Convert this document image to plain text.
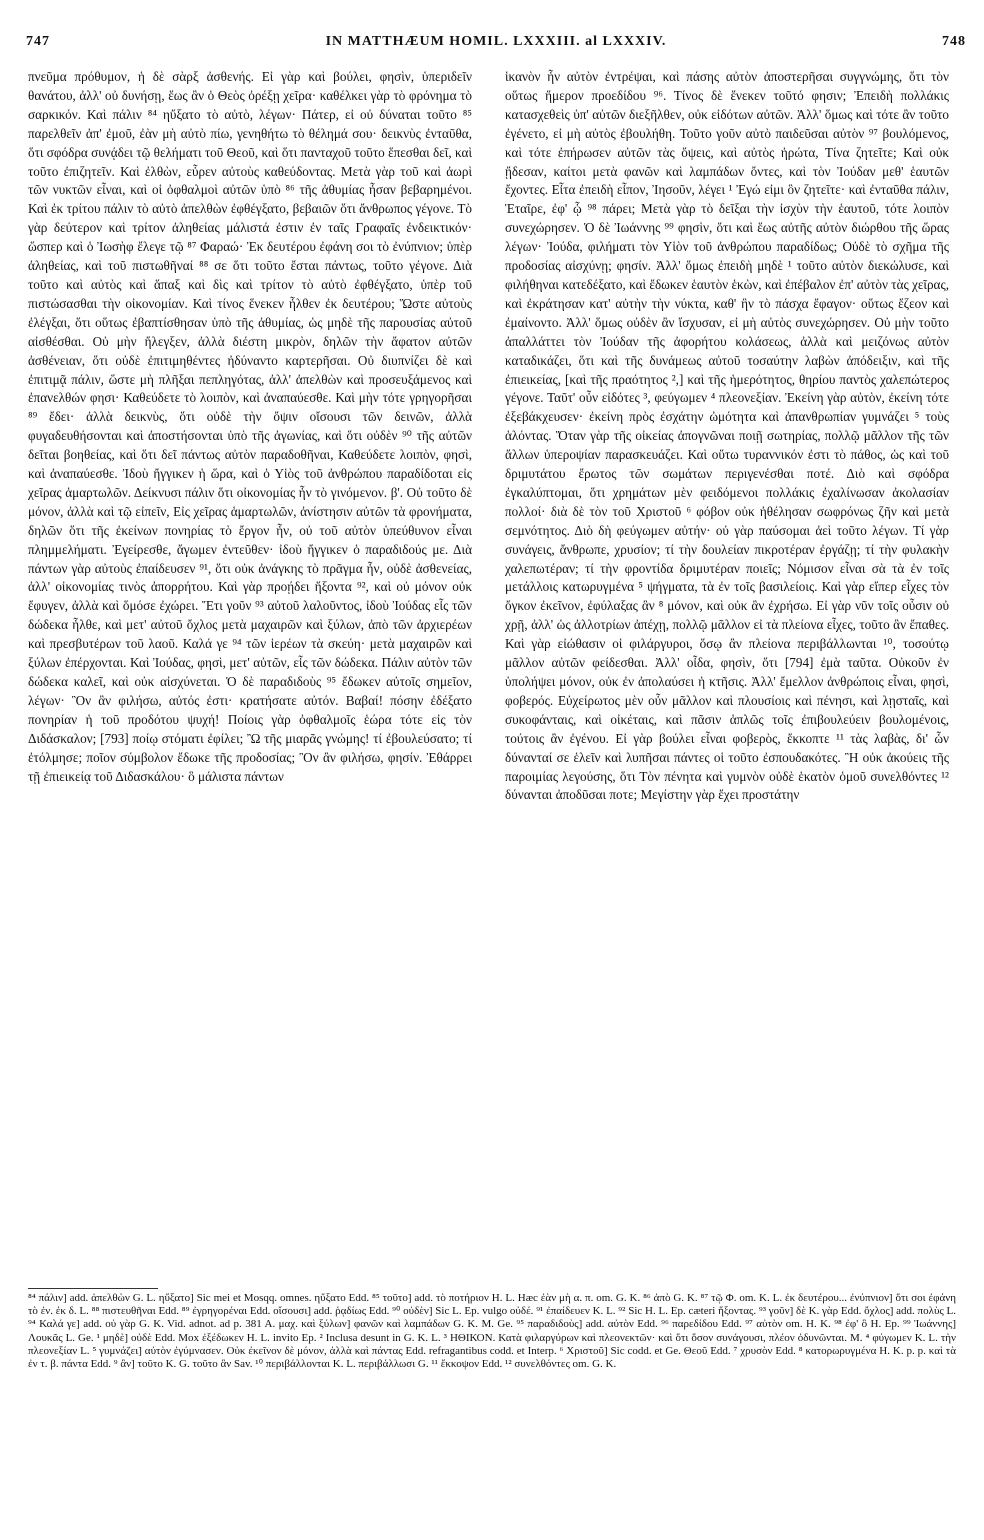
747	IN MATTHÆUM HOMIL. LXXXIII. al LXXXIV.	748

πνεῦμα πρόθυμον, ἡ δὲ σὰρξ ἀσθενής. Εἰ γὰρ καὶ βούλει, φησὶν, ὑπεριδεῖν θανάτου, ἀλλ' οὐ δυνήσῃ, ἕως ἂν ὁ Θεὸς ὀρέξῃ χεῖρα· καθέλκει γὰρ τὸ φρόνημα τὸ σαρκικόν. Καὶ πάλιν ⁸⁴ ηὔξατο τὸ αὐτὸ, λέγων· Πάτερ, εἰ οὐ δύναται τοῦτο ⁸⁵ παρελθεῖν ἀπ' ἐμοῦ, ἐὰν μὴ αὐτὸ πίω, γενηθήτω τὸ θέλημά σου· δεικνὺς ἐνταῦθα, ὅτι σφόδρα συνᾴδει τῷ θελήματι τοῦ Θεοῦ, καὶ ὅτι πανταχοῦ τοῦτο ἕπεσθαι δεῖ, καὶ τοῦτο ἐπιζητεῖν. Καὶ ἐλθὼν, εὗρεν αὐτοὺς καθεύδοντας. Μετὰ γὰρ τοῦ καὶ ἀωρὶ τῶν νυκτῶν εἶναι, καὶ οἱ ὀφθαλμοὶ αὐτῶν ὑπὸ ⁸⁶ τῆς ἀθυμίας ἦσαν βεβαρημένοι. Καὶ ἐκ τρίτου πάλιν τὸ αὐτὸ ἀπελθὼν ἐφθέγξατο, βεβαιῶν ὅτι ἄνθρωπος γέγονε. Τὸ γὰρ δεύτερον καὶ τρίτον ἀληθείας μάλιστά ἐστιν ἐν ταῖς Γραφαῖς ἐνδεικτικόν· ὥσπερ καὶ ὁ Ἰωσὴφ ἔλεγε τῷ ⁸⁷ Φαραώ· Ἐκ δευτέρου ἐφάνη σοι τὸ ἐνύπνιον; ὑπὲρ ἀληθείας, καὶ τοῦ πιστωθῆναί ⁸⁸ σε ὅτι τοῦτο ἔσται πάντως, τοῦτο γέγονε. Διὰ τοῦτο καὶ αὐτὸς καὶ ἅπαξ καὶ δὶς καὶ τρίτον τὸ αὐτὸ ἐφθέγξατο, ὑπὲρ τοῦ πιστώσασθαι τὴν οἰκονομίαν. Καὶ τίνος ἕνεκεν ἦλθεν ἐκ δευτέρου; Ὥστε αὐτοὺς ἐλέγξαι, ὅτι οὕτως ἐβαπτίσθησαν ὑπὸ τῆς ἀθυμίας, ὡς μηδὲ τῆς παρουσίας αὐτοῦ αἰσθέσθαι. Οὐ μὴν ἤλεγξεν, ἀλλὰ διέστη μικρὸν, δηλῶν τὴν ἄφατον αὐτῶν ἀσθένειαν, ὅτι οὐδὲ ἐπιτιμηθέντες ἠδύναντο καρτερῆσαι. Οὐ διυπνίζει δὲ καὶ ἐπιτιμᾷ πάλιν, ὥστε μὴ πλῆξαι πεπληγότας, ἀλλ' ἀπελθὼν καὶ προσευξάμενος καὶ ἐπανελθών φησι· Καθεύδετε τὸ λοιπὸν, καὶ ἀναπαύεσθε. Καὶ μὴν τότε γρηγορῆσαι ⁸⁹ ἔδει· ἀλλὰ δεικνὺς, ὅτι οὐδὲ τὴν ὄψιν οἴσουσι τῶν δεινῶν, ἀλλὰ φυγαδευθήσονται καὶ ἀποστήσονται ὑπὸ τῆς ἀγωνίας, καὶ ὅτι οὐδὲν ⁹⁰ τῆς αὐτῶν δεῖται βοηθείας, καὶ ὅτι δεῖ πάντως αὐτὸν παραδοθῆναι, Καθεύδετε λοιπὸν, φησὶ, καὶ ἀναπαύεσθε. Ἰδοὺ ἤγγικεν ἡ ὥρα, καὶ ὁ Υἱὸς τοῦ ἀνθρώπου παραδίδοται εἰς χεῖρας ἁμαρτωλῶν. Δείκνυσι πάλιν ὅτι οἰκονομίας ἦν τὸ γινόμενον. β'. Οὐ τοῦτο δὲ μόνον, ἀλλὰ καὶ τῷ εἰπεῖν, Εἰς χεῖρας ἁμαρτωλῶν, ἀνίστησιν αὐτῶν τὰ φρονήματα, δηλῶν ὅτι τῆς ἐκείνων πονηρίας τὸ ἔργον ἦν, οὐ τοῦ αὐτὸν ὑπεύθυνον εἶναι πλημμελήματι. Ἐγείρεσθε, ἄγωμεν ἐντεῦθεν· ἰδοὺ ἤγγικεν ὁ παραδιδούς με. Διὰ πάντων γὰρ αὐτοὺς ἐπαίδευσεν ⁹¹, ὅτι οὐκ ἀνάγκης τὸ πρᾶγμα ἦν, οὐδὲ ἀσθενείας, ἀλλ' οἰκονομίας τινὸς ἀπορρήτου. Καὶ γὰρ προῄδει ἥξοντα ⁹², καὶ οὐ μόνον οὐκ ἔφυγεν, ἀλλὰ καὶ ὅμόσε ἐχώρει. Ἔτι γοῦν ⁹³ αὐτοῦ λαλοῦντος, ἰδοὺ Ἰούδας εἷς τῶν δώδεκα ἦλθε, καὶ μετ' αὐτοῦ ὄχλος μετὰ μαχαιρῶν καὶ ξύλων, ἀπὸ τῶν ἀρχιερέων καὶ πρεσβυτέρων τοῦ λαοῦ. Καλά γε ⁹⁴ τῶν ἱερέων τὰ σκεύη· μετὰ μαχαιρῶν καὶ ξύλων ἐπέρχονται. Καὶ Ἰούδας, φησὶ, μετ' αὐτῶν, εἷς τῶν δώδεκα. Πάλιν αὐτὸν τῶν δώδεκα καλεῖ, καὶ οὐκ αἰσχύνεται. Ὁ δὲ παραδιδοὺς ⁹⁵ ἔδωκεν αὐτοῖς σημεῖον, λέγων· Ὃν ἂν φιλήσω, αὐτός ἐστι· κρατήσατε αὐτόν. Βαβαί! πόσην ἐδέξατο πονηρίαν ἡ τοῦ προδότου ψυχή! Ποίοις γὰρ ὀφθαλμοῖς ἑώρα τότε εἰς τὸν Διδάσκαλον; [793] ποίῳ στόματι ἐφίλει; Ὢ τῆς μιαρᾶς γνώμης! τί ἐβουλεύσατο; τί ἐτόλμησε; ποῖον σύμβολον ἔδωκε τῆς προδοσίας; Ὃν ἂν φιλήσω, φησίν. Ἐθάρρει τῇ ἐπιεικείᾳ τοῦ Διδασκάλου· ὃ μάλιστα πάντων

ἱκανὸν ἦν αὐτὸν ἐντρέψαι, καὶ πάσης αὐτὸν ἀποστερῆσαι συγγνώμης, ὅτι τὸν οὕτως ἥμερον προεδίδου ⁹⁶. Τίνος δὲ ἕνεκεν τοῦτό φησιν; Ἐπειδὴ πολλάκις κατασχεθεὶς ὑπ' αὐτῶν διεξῆλθεν, οὐκ εἰδότων αὐτῶν. Ἀλλ' ὅμως καὶ τότε ἂν τοῦτο ἐγένετο, εἰ μὴ αὐτὸς ἐβουλήθη. Τοῦτο γοῦν αὐτὸ παιδεῦσαι αὐτὸν ⁹⁷ βουλόμενος, καὶ τότε ἐπήρωσεν αὐτῶν τὰς ὄψεις, καὶ αὐτὸς ἠρώτα, Τίνα ζητεῖτε; Καὶ οὐκ ᾔδεσαν, καίτοι μετὰ φανῶν καὶ λαμπάδων ὄντες, καὶ τὸν Ἰούδαν μεθ' ἑαυτῶν ἔχοντες. Εἶτα ἐπειδὴ εἶπον, Ἰησοῦν, λέγει ¹ Ἐγώ εἰμι ὃν ζητεῖτε· καὶ ἐνταῦθα πάλιν, Ἑταῖρε, ἐφ' ᾧ ⁹⁸ πάρει; Μετὰ γὰρ τὸ δεῖξαι τὴν ἰσχὺν τὴν ἑαυτοῦ, τότε λοιπὸν συνεχώρησεν. Ὁ δὲ Ἰωάννης ⁹⁹ φησὶν, ὅτι καὶ ἕως αὐτῆς αὐτὸν διώρθου τῆς ὥρας λέγων· Ἰούδα, φιλήματι τὸν Υἱὸν τοῦ ἀνθρώπου παραδίδως; Οὐδὲ τὸ σχῆμα τῆς προδοσίας αἰσχύνῃ; φησίν. Ἀλλ' ὅμως ἐπειδὴ μηδὲ ¹ τοῦτο αὐτὸν διεκώλυσε, καὶ φιλήθηναι κατεδέξατο, καὶ ἔδωκεν ἑαυτὸν ἑκὼν, καὶ ἐπέβαλον ἐπ' αὐτὸν τὰς χεῖρας, καὶ ἐκράτησαν κατ' αὐτὴν τὴν νύκτα, καθ' ἣν τὸ πάσχα ἔφαγον· οὕτως ἔζεον καὶ ἐμαίνοντο. Ἀλλ' ὅμως οὐδὲν ἂν ἴσχυσαν, εἰ μὴ αὐτὸς συνεχώρησεν. Οὐ μὴν τοῦτο ἀπαλλάττει τὸν Ἰούδαν τῆς ἀφορήτου κολάσεως, ἀλλὰ καὶ μειζόνως αὐτὸν καταδικάζει, ὅτι καὶ τῆς δυνάμεως αὐτοῦ τοσαύτην λαβὼν ἀπόδειξιν, καὶ τῆς ἐπιεικείας, [καὶ τῆς πραότητος ²,] καὶ τῆς ἡμερότητος, θηρίου παντὸς χαλεπώτερος γέγονε. Ταῦτ' οὖν εἰδότες ³, φεύγωμεν ⁴ πλεονεξίαν. Ἐκείνη γὰρ αὐτὸν, ἐκείνη τότε ἐξεβάκχευσεν· ἐκείνη πρὸς ἐσχάτην ὠμότητα καὶ ἀπανθρωπίαν γυμνάζει ⁵ τοὺς ἁλόντας. Ὅταν γὰρ τῆς οἰκείας ἀπογνῶναι ποιῇ σωτηρίας, πολλῷ μᾶλλον τῆς τῶν ἄλλων ὑπεροψίαν παρασκευάζει. Καὶ οὕτω τυραννικόν ἐστι τὸ πάθος, ὡς καὶ τοῦ δριμυτάτου ἔρωτος τῶν σωμάτων περιγενέσθαι ποτέ. Διὸ καὶ σφόδρα ἐγκαλύπτομαι, ὅτι χρημάτων μὲν φειδόμενοι πολλάκις ἐχαλίνωσαν ἀκολασίαν πολλοί· διὰ δὲ τὸν τοῦ Χριστοῦ ⁶ φόβον οὐκ ἠθέλησαν σωφρόνως ζῆν καὶ μετὰ σεμνότητος. Διὸ δὴ φεύγωμεν αὐτήν· οὐ γὰρ παύσομαι ἀεὶ τοῦτο λέγων. Τί γὰρ συνάγεις, ἄνθρωπε, χρυσίον; τί τὴν δουλείαν πικροτέραν ἐργάζῃ; τί τὴν φυλακὴν χαλεπωτέραν; τί τὴν φροντίδα δριμυτέραν ποιεῖς; Νόμισον εἶναι σὰ τὰ ἐν τοῖς μετάλλοις κατωρυγμένα ⁵ ψήγματα, τὰ ἐν τοῖς βασιλείοις. Καὶ γὰρ εἴπερ εἶχες τὸν ὄγκον ἐκεῖνον, ἐφύλαξας ἂν ⁸ μόνον, καὶ οὐκ ἂν ἐχρήσω. Εἰ γὰρ νῦν τοῖς οὖσιν οὐ χρῇ, ἀλλ' ὡς ἀλλοτρίων ἀπέχῃ, πολλῷ μᾶλλον εἰ τὰ πλείονα εἶχες, τοῦτο ἂν ἔπαθες. Καὶ γὰρ εἰώθασιν οἱ φιλάργυροι, ὅσῳ ἂν πλείονα περιβάλλωνται ¹⁰, τοσούτῳ μᾶλλον αὐτῶν φείδεσθαι. Ἀλλ' οἶδα, φησὶν, ὅτι [794] ἐμὰ ταῦτα. Οὐκοῦν ἐν ὑπολήψει μόνον, οὐκ ἐν ἀπολαύσει ἡ κτῆσις. Ἀλλ' ἔμελλον ἀνθρώποις εἶναι, φησὶ, φοβερός. Εὐχείρωτος μὲν οὖν μᾶλλον καὶ πλουσίοις καὶ πένησι, καὶ λῃσταῖς, καὶ συκοφάνταις, καὶ οἰκέταις, καὶ πᾶσιν ἁπλῶς τοῖς ἐπιβουλεύειν βουλομένοις, τούτοις ἂν ἐγένου. Εἰ γὰρ βούλει εἶναι φοβερὸς, ἔκκοπτε ¹¹ τὰς λαβὰς, δι' ὧν δύνανταί σε ἑλεῖν καὶ λυπῆσαι πάντες οἱ τοῦτο ἐσπουδακότες. Ἢ οὐκ ἀκούεις τῆς παροιμίας λεγούσης, ὅτι Τὸν πένητα καὶ γυμνὸν οὐδὲ ἑκατὸν ὁμοῦ συνελθόντες ¹² δύνανται ἀποδῦσαι ποτε; Μεγίστην γὰρ ἔχει προστάτην

⁸⁴ πάλιν] add. ἀπελθὼν G. L. ηὔξατο] Sic mei et Mosqq. omnes. ηὔξατο Edd. ⁸⁵ τοῦτο] add. τὸ ποτήριον H. L. Hæc ἐὰν μὴ α. π. om. G. K. ⁸⁶ ἀπὸ G. K. ⁸⁷ τῷ Φ. om. K. L. ἐκ δευτέρου... ἐνύπνιον] ὅτι σοι ἐφάνη τὸ ἐν. ἐκ δ. L. ⁸⁸ πιστευθῆναι Edd. ⁸⁹ ἐγρηγορέναι Edd. οἴσουσι] add. ῥᾳδίως Edd. ⁹⁰ οὐδὲν] Sic L. Ep. vulgo οὐδέ. ⁹¹ ἐπαίδευεν K. L. ⁹² Sic H. L. Ep. cæteri ἥξοντας. ⁹³ γοῦν] δὲ K. γὰρ Edd. ὄχλος] add. πολὺς L. ⁹⁴ Καλά γε] add. οὐ γὰρ G. K. Vid. adnot. ad p. 381 A. μαχ. καὶ ξύλων] φανῶν καὶ λαμπάδων G. K. M. Ge. ⁹⁵ παραδιδοὺς] add. αὐτὸν Edd. ⁹⁶ παρεδίδου Edd. ⁹⁷ αὐτὸν om. H. K. ⁹⁸ ἐφ' ὃ H. Ep. ⁹⁹ Ἰωάννης] Λουκᾶς L. Ge. ¹ μηδὲ] οὐδὲ Edd. Mox ἐξέδωκεν H. L. invito Ep. ² Inclusa desunt in G. K. L. ³ ΗΘΙΚΟΝ. Κατὰ φιλαργύρων καὶ πλεονεκτῶν· καὶ ὅτι ὅσον συνάγουσι, πλέον ὀδυνῶνται. M. ⁴ φύγωμεν K. L. τὴν πλεονεξίαν L. ⁵ γυμνάζει] αὐτὸν ἐγύμνασεν. Οὐκ ἐκεῖνον δὲ μόνον, ἀλλὰ καὶ πάντας Edd. refragantibus codd. et Interp. ⁶ Χριστοῦ] Sic codd. et Ge. Θεοῦ Edd. ⁷ χρυσὸν Edd. ⁸ κατορωρυγμένα H. K. p. p. καὶ τὰ ἐν τ. β. πάντα Edd. ⁹ ἂν] τοῦτο K. G. τοῦτο ἂν Sav. ¹⁰ περιβάλλονται K. L. περιβάλλωσι G. ¹¹ ἔκκοψον Edd. ¹² συνελθόντες om. G. K.
